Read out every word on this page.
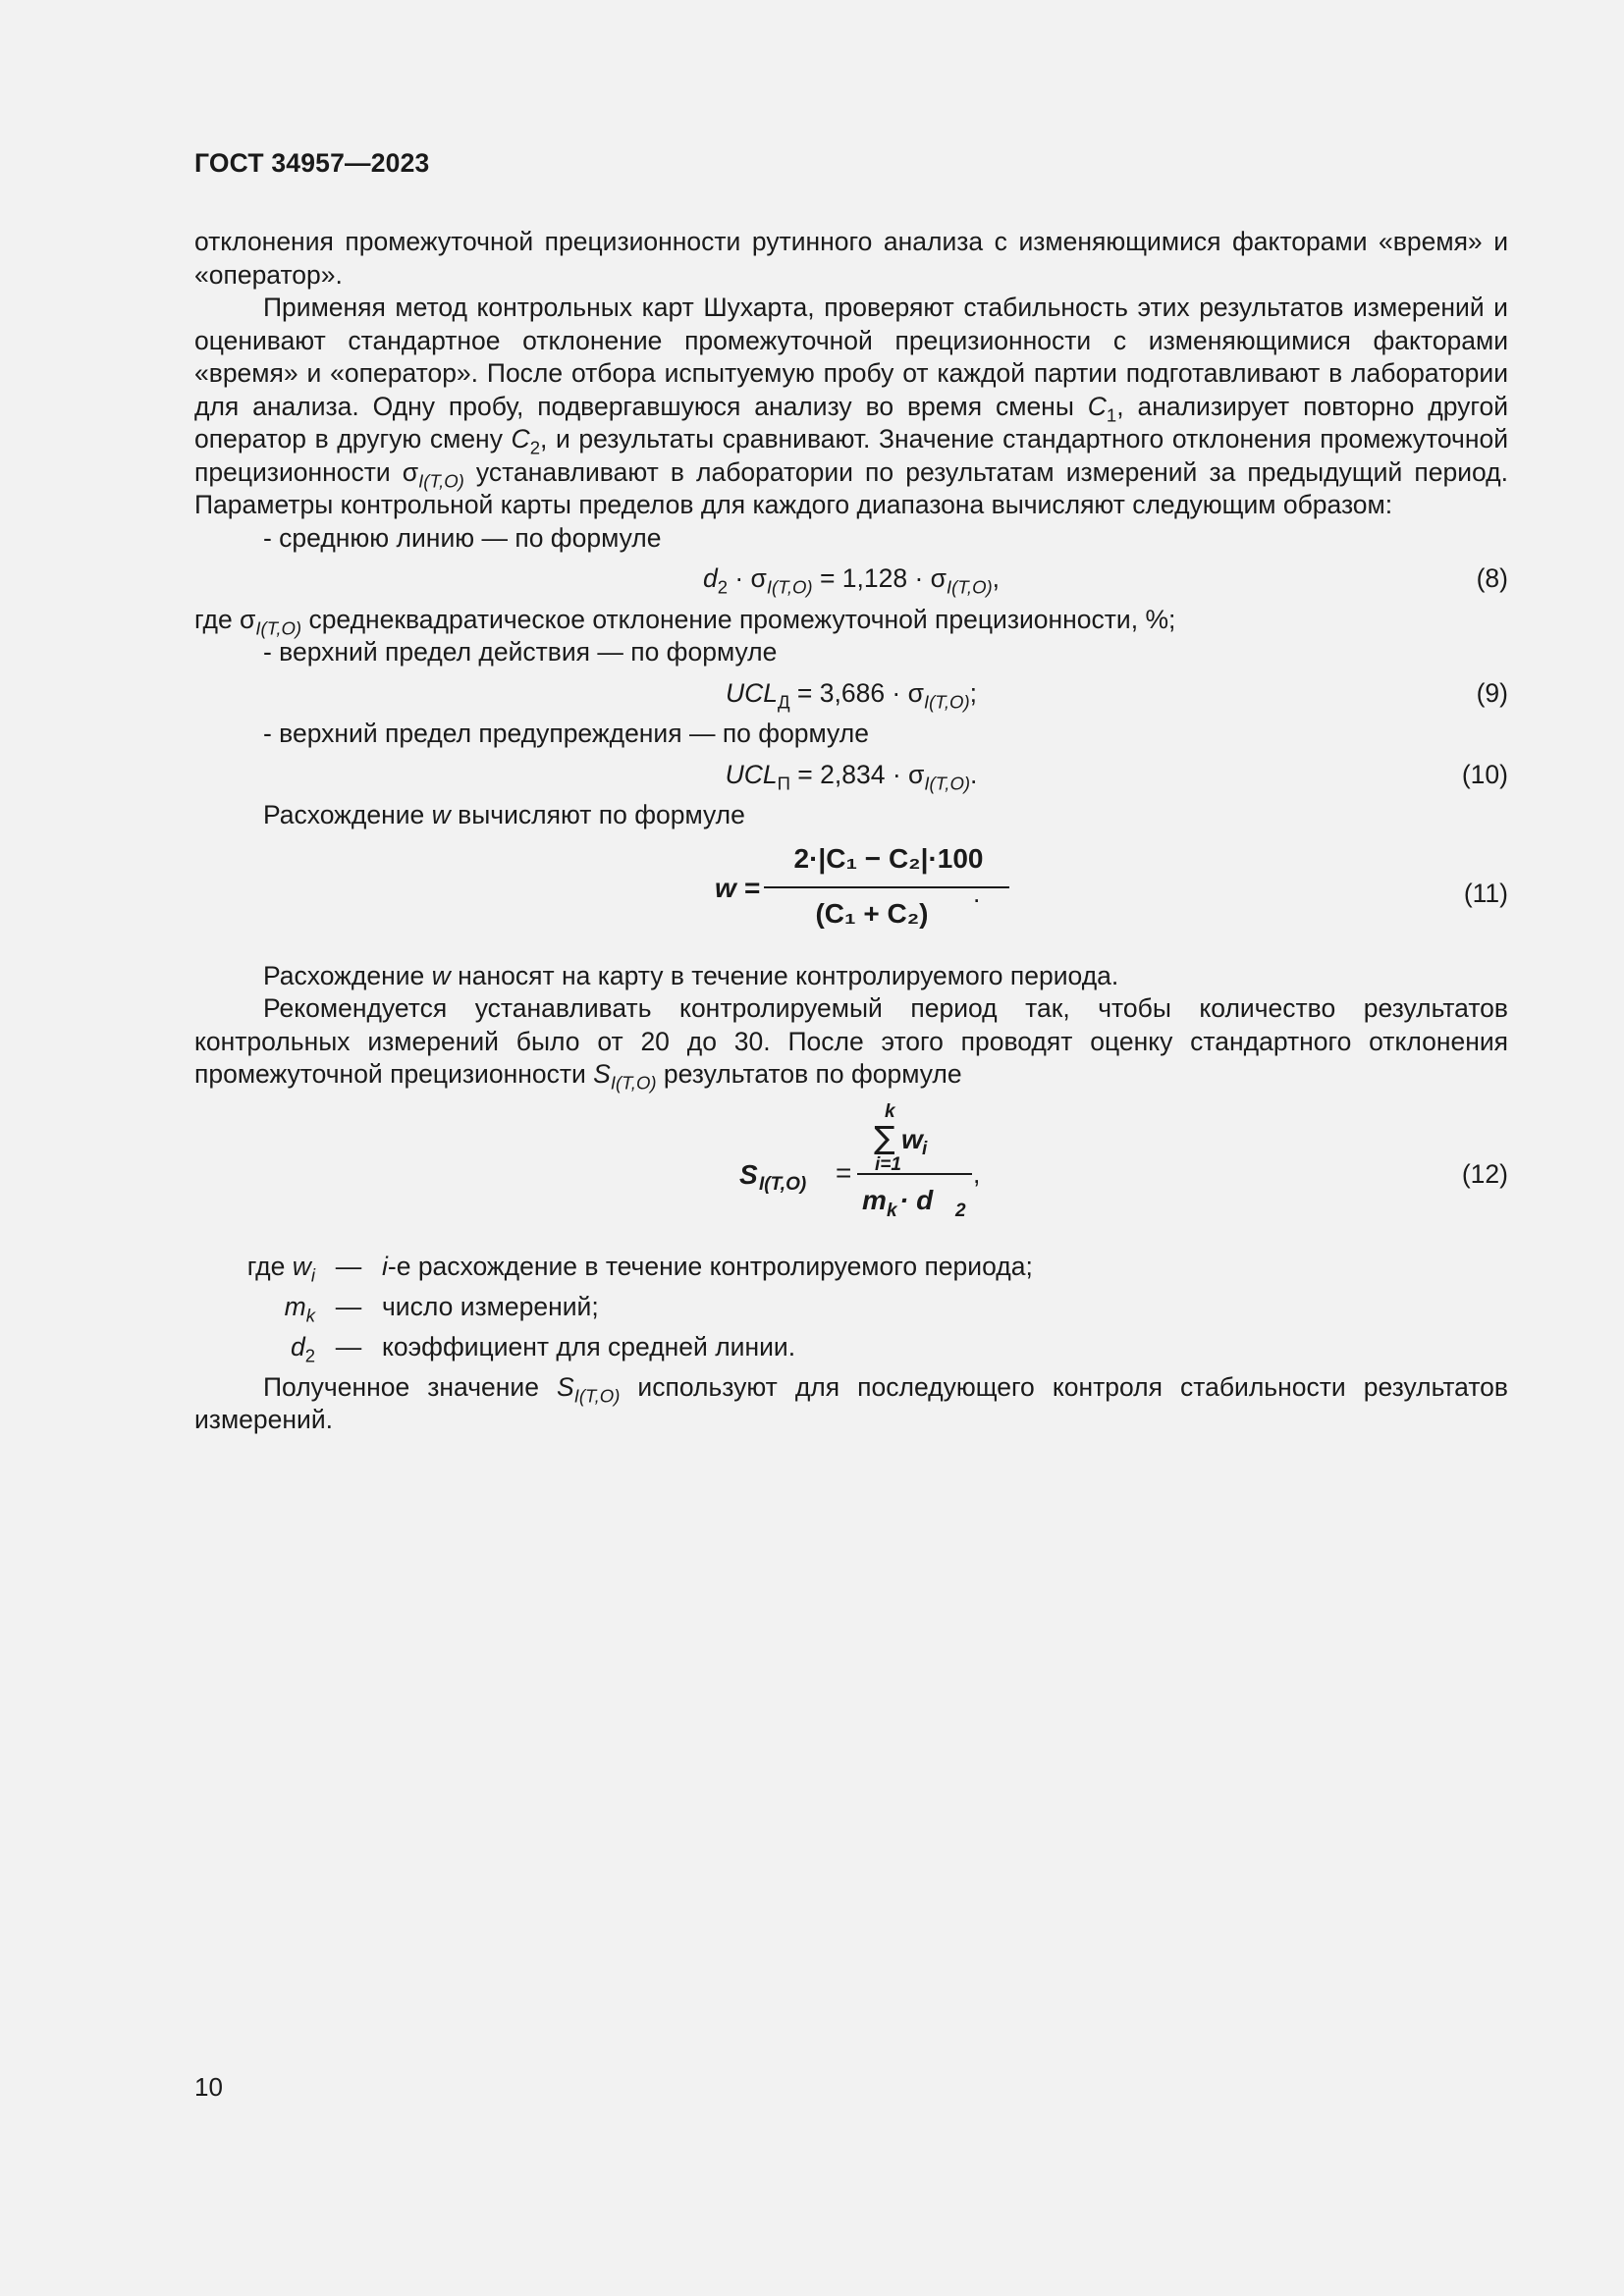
ГОСТ 34957—2023

отклонения промежуточной прецизионности рутинного анализа с изменяющимися факторами «время» и «оператор».

Применяя метод контрольных карт Шухарта, проверяют стабильность этих результатов измерений и оценивают стандартное отклонение промежуточной прецизионности с изменяющимися факторами «время» и «оператор». После отбора испытуемую пробу от каждой партии подготавливают в лаборатории для анализа. Одну пробу, подвергавшуюся анализу во время смены $C_1$, анализирует повторно другой оператор в другую смену $C_2$, и результаты сравнивают. Значение стандартного отклонения промежуточной прецизионности $\sigma_{I(T,O)}$ устанавливают в лаборатории по результатам измерений за предыдущий период. Параметры контрольной карты пределов для каждого диапазона вычисляют следующим образом:

- среднюю линию — по формуле

$d_2 \cdot \sigma_{I(T,O)} = 1,128 \cdot \sigma_{I(T,O)}$,	(8)

где $\sigma_{I(T,O)}$ среднеквадратическое отклонение промежуточной прецизионности, %;

- верхний предел действия — по формуле

$UCL_Д = 3,686 \cdot \sigma_{I(T,O)}$;	(9)

- верхний предел предупреждения — по формуле

$UCL_П = 2,834 \cdot \sigma_{I(T,O)}$.	(10)

Расхождение w вычисляют по формуле

w =
2·|C₁ − C₂|·100
(C₁ + C₂)
.	(11)

Расхождение w наносят на карту в течение контролируемого периода.

Рекомендуется устанавливать контролируемый период так, чтобы количество результатов контрольных измерений было от 20 до 30. После этого проводят оценку стандартного отклонения промежуточной прецизионности $S_{I(T,O)}$ результатов по формуле

S I(T,O) =
k
∑ w i
i=1
m k · d 2
,	(12)
где $w_i$ — i-е расхождение в течение контролируемого периода;
$m_k$ — число измерений;
$d_2$ — коэффициент для средней линии.

Полученное значение $S_{I(T,O)}$ используют для последующего контроля стабильности результатов измерений.

10
